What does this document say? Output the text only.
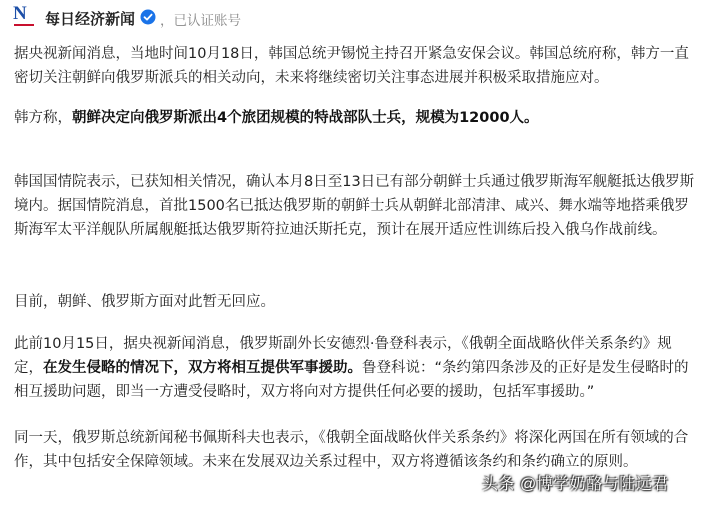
N 每日经济新闻 ，已认证账号

据央视新闻消息，当地时间10月18日，韩国总统尹锡悦主持召开紧急安保会议。韩国总统府称，韩方一直密切关注朝鲜向俄罗斯派兵的相关动向，未来将继续密切关注事态进展并积极采取措施应对。

韩方称，朝鲜决定向俄罗斯派出4个旅团规模的特战部队士兵，规模为12000人。

韩国国情院表示，已获知相关情况，确认本月8日至13日已有部分朝鲜士兵通过俄罗斯海军舰艇抵达俄罗斯境内。据国情院消息，首批1500名已抵达俄罗斯的朝鲜士兵从朝鲜北部清津、咸兴、舞水端等地搭乘俄罗斯海军太平洋舰队所属舰艇抵达俄罗斯符拉迪沃斯托克，预计在展开适应性训练后投入俄乌作战前线。

目前，朝鲜、俄罗斯方面对此暂无回应。

此前10月15日，据央视新闻消息，俄罗斯副外长安德烈·鲁登科表示，《俄朝全面战略伙伴关系条约》规定，在发生侵略的情况下，双方将相互提供军事援助。鲁登科说：“条约第四条涉及的正好是发生侵略时的相互援助问题，即当一方遭受侵略时，双方将向对方提供任何必要的援助，包括军事援助。”

同一天，俄罗斯总统新闻秘书佩斯科夫也表示，《俄朝全面战略伙伴关系条约》将深化两国在所有领域的合作，其中包括安全保障领域。未来在发展双边关系过程中，双方将遵循该条约和条约确立的原则。

头条 @博学奶酪与陆远君
